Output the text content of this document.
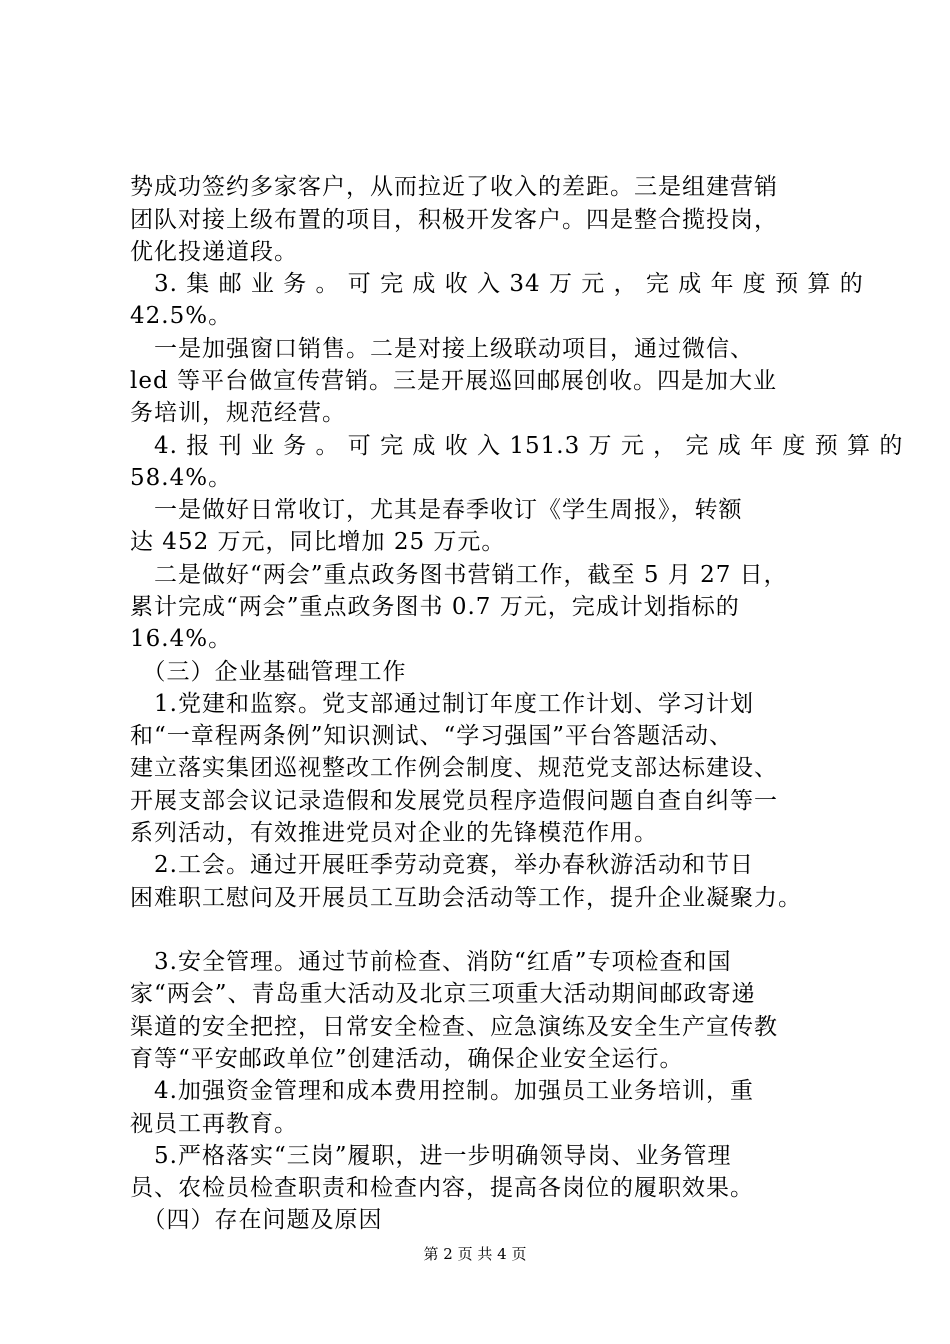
势成功签约多家客户，从而拉近了收入的差距。三是组建营销
团队对接上级布置的项目，积极开发客户。四是整合揽投岗，
优化投递道段。
　3. 集 邮 业 务 。 可 完 成 收 入 34 万 元 ， 完 成 年 度 预 算 的
42.5%。
　一是加强窗口销售。二是对接上级联动项目，通过微信、
led 等平台做宣传营销。三是开展巡回邮展创收。四是加大业
务培训，规范经营。
　4. 报 刊 业 务 。 可 完 成 收 入 151.3 万 元 ， 完 成 年 度 预 算 的
58.4%。
　一是做好日常收订，尤其是春季收订《学生周报》，转额
达 452 万元，同比增加 25 万元。
　二是做好“两会”重点政务图书营销工作，截至 5 月 27 日，
累计完成“两会”重点政务图书 0.7 万元，完成计划指标的
16.4%。
　（三）企业基础管理工作
　1.党建和监察。党支部通过制订年度工作计划、学习计划
和“一章程两条例”知识测试、“学习强国”平台答题活动、
建立落实集团巡视整改工作例会制度、规范党支部达标建设、
开展支部会议记录造假和发展党员程序造假问题自查自纠等一
系列活动，有效推进党员对企业的先锋模范作用。
　2.工会。通过开展旺季劳动竞赛，举办春秋游活动和节日
困难职工慰问及开展员工互助会活动等工作，提升企业凝聚力。
　3.安全管理。通过节前检查、消防“红盾”专项检查和国
家“两会”、青岛重大活动及北京三项重大活动期间邮政寄递
渠道的安全把控，日常安全检查、应急演练及安全生产宣传教
育等“平安邮政单位”创建活动，确保企业安全运行。
　4.加强资金管理和成本费用控制。加强员工业务培训，重
视员工再教育。
　5.严格落实“三岗”履职，进一步明确领导岗、业务管理
员、农检员检查职责和检查内容，提高各岗位的履职效果。
　（四）存在问题及原因
第 2 页 共 4 页
